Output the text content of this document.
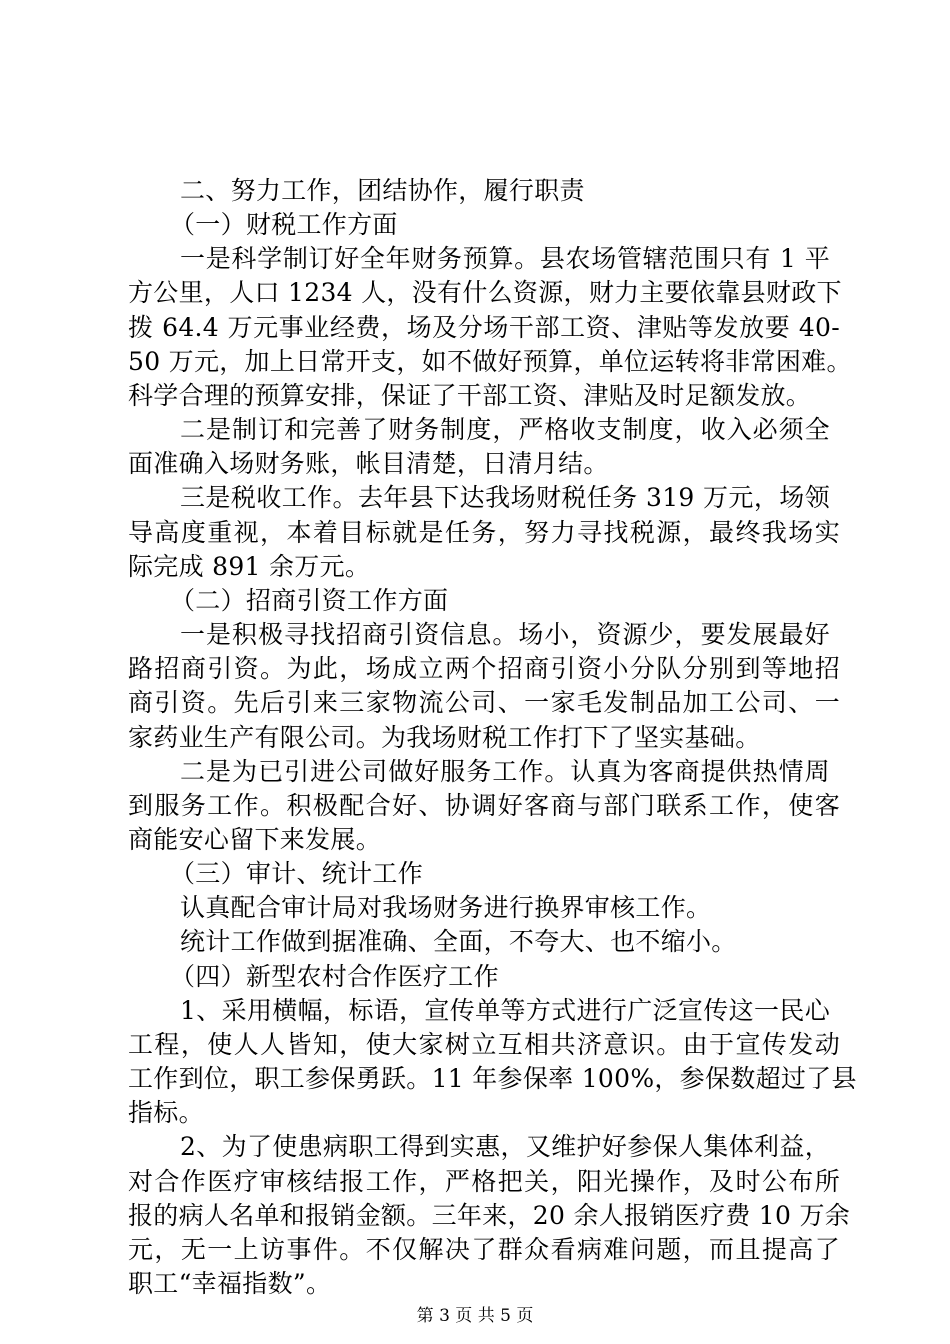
二、努力工作，团结协作，履行职责
（一）财税工作方面
一是科学制订好全年财务预算。县农场管辖范围只有 1 平
方公里，人口 1234 人，没有什么资源，财力主要依靠县财政下
拨 64.4 万元事业经费，场及分场干部工资、津贴等发放要 40-
50 万元，加上日常开支，如不做好预算，单位运转将非常困难。
科学合理的预算安排，保证了干部工资、津贴及时足额发放。
二是制订和完善了财务制度，严格收支制度，收入必须全
面准确入场财务账，帐目清楚，日清月结。
三是税收工作。去年县下达我场财税任务 319 万元，场领
导高度重视，本着目标就是任务，努力寻找税源，最终我场实
际完成 891 余万元。
（二）招商引资工作方面
一是积极寻找招商引资信息。场小，资源少，要发展最好
路招商引资。为此，场成立两个招商引资小分队分别到等地招
商引资。先后引来三家物流公司、一家毛发制品加工公司、一
家药业生产有限公司。为我场财税工作打下了坚实基础。
二是为已引进公司做好服务工作。认真为客商提供热情周
到服务工作。积极配合好、协调好客商与部门联系工作，使客
商能安心留下来发展。
（三）审计、统计工作
认真配合审计局对我场财务进行换界审核工作。
统计工作做到据准确、全面，不夸大、也不缩小。
（四）新型农村合作医疗工作
1、采用横幅，标语，宣传单等方式进行广泛宣传这一民心
工程，使人人皆知，使大家树立互相共济意识。由于宣传发动
工作到位，职工参保勇跃。11 年参保率 100%，参保数超过了县
指标。
2、为了使患病职工得到实惠，又维护好参保人集体利益，
对合作医疗审核结报工作，严格把关，阳光操作，及时公布所
报的病人名单和报销金额。三年来，20 余人报销医疗费 10 万余
元，无一上访事件。不仅解决了群众看病难问题，而且提高了
职工“幸福指数”。
第 3 页 共 5 页
